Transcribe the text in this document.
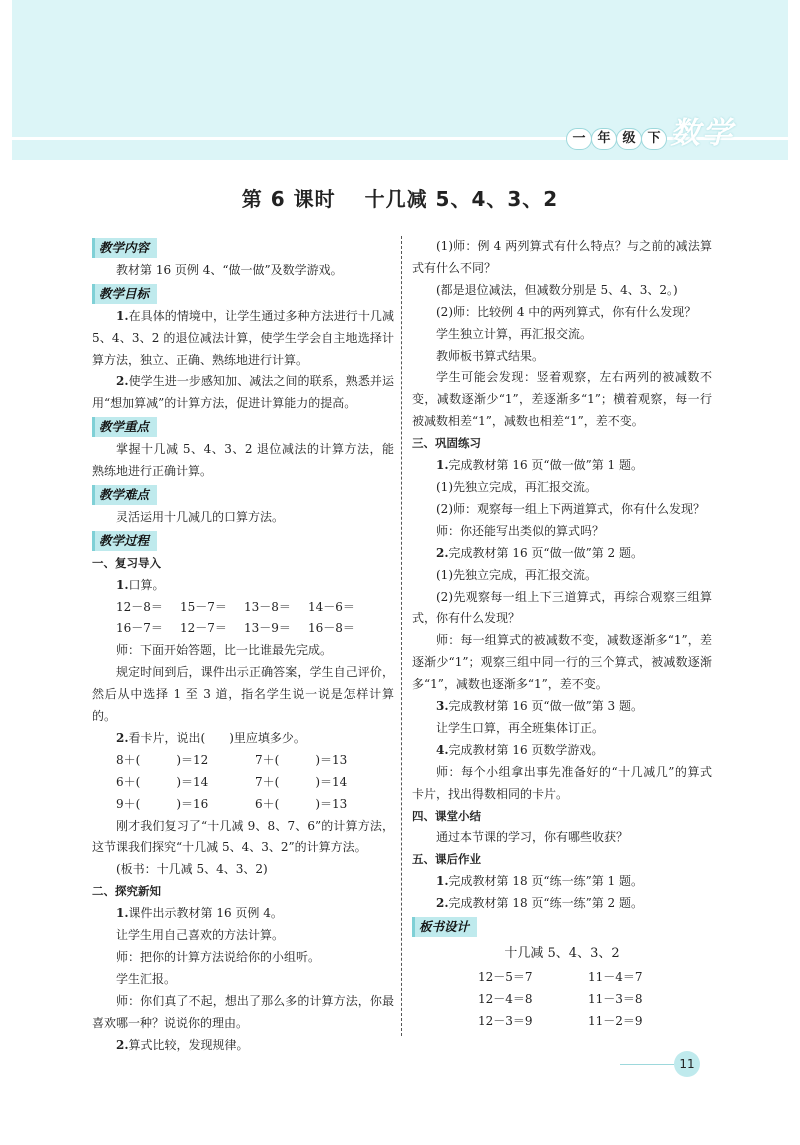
一 年 级 下 数学
第 6 课时　 十几减 5、4、3、2
教学内容

教材第 16 页例 4、“做一做”及数学游戏。

教学目标

1.在具体的情境中，让学生通过多种方法进行十几减 5、4、3、2 的退位减法计算，使学生学会自主地选择计算方法，独立、正确、熟练地进行计算。

2.使学生进一步感知加、减法之间的联系，熟悉并运用“想加算减”的计算方法，促进计算能力的提高。

教学重点

掌握十几减 5、4、3、2 退位减法的计算方法，能熟练地进行正确计算。

教学难点

灵活运用十几减几的口算方法。

教学过程

一、复习导入

1.口算。

12－8＝	15－7＝	13－8＝	14－6＝
16－7＝	12－7＝	13－9＝	16－8＝

师：下面开始答题，比一比谁最先完成。

规定时间到后，课件出示正确答案，学生自己评价，然后从中选择 1 至 3 道，指名学生说一说是怎样计算的。

2.看卡片，说出(　　)里应填多少。

8＋(　　　)＝12	7＋(　　　)＝13
6＋(　　　)＝14	7＋(　　　)＝14
9＋(　　　)＝16	6＋(　　　)＝13

刚才我们复习了“十几减 9、8、7、6”的计算方法，这节课我们探究“十几减 5、4、3、2”的计算方法。

(板书：十几减 5、4、3、2)

二、探究新知

1.课件出示教材第 16 页例 4。

让学生用自己喜欢的方法计算。

师：把你的计算方法说给你的小组听。

学生汇报。

师：你们真了不起，想出了那么多的计算方法，你最喜欢哪一种？说说你的理由。

2.算式比较，发现规律。

(1)师：例 4 两列算式有什么特点？与之前的减法算式有什么不同？

(都是退位减法，但减数分别是 5、4、3、2。)

(2)师：比较例 4 中的两列算式，你有什么发现？

学生独立计算，再汇报交流。

教师板书算式结果。

学生可能会发现：竖着观察，左右两列的被减数不变，减数逐渐少“1”，差逐渐多“1”；横着观察，每一行被减数相差“1”，减数也相差“1”，差不变。

三、巩固练习

1.完成教材第 16 页“做一做”第 1 题。

(1)先独立完成，再汇报交流。

(2)师：观察每一组上下两道算式，你有什么发现？

师：你还能写出类似的算式吗？

2.完成教材第 16 页“做一做”第 2 题。

(1)先独立完成，再汇报交流。

(2)先观察每一组上下三道算式，再综合观察三组算式，你有什么发现？

师：每一组算式的被减数不变，减数逐渐多“1”，差逐渐少“1”；观察三组中同一行的三个算式，被减数逐渐多“1”，减数也逐渐多“1”，差不变。

3.完成教材第 16 页“做一做”第 3 题。

让学生口算，再全班集体订正。

4.完成教材第 16 页数学游戏。

师：每个小组拿出事先准备好的“十几减几”的算式卡片，找出得数相同的卡片。

四、课堂小结

通过本节课的学习，你有哪些收获？

五、课后作业

1.完成教材第 18 页“练一练”第 1 题。

2.完成教材第 18 页“练一练”第 2 题。

板书设计
十几减 5、4、3、2
12－5＝7	11－4＝7
12－4＝8	11－3＝8
12－3＝9	11－2＝9
11
